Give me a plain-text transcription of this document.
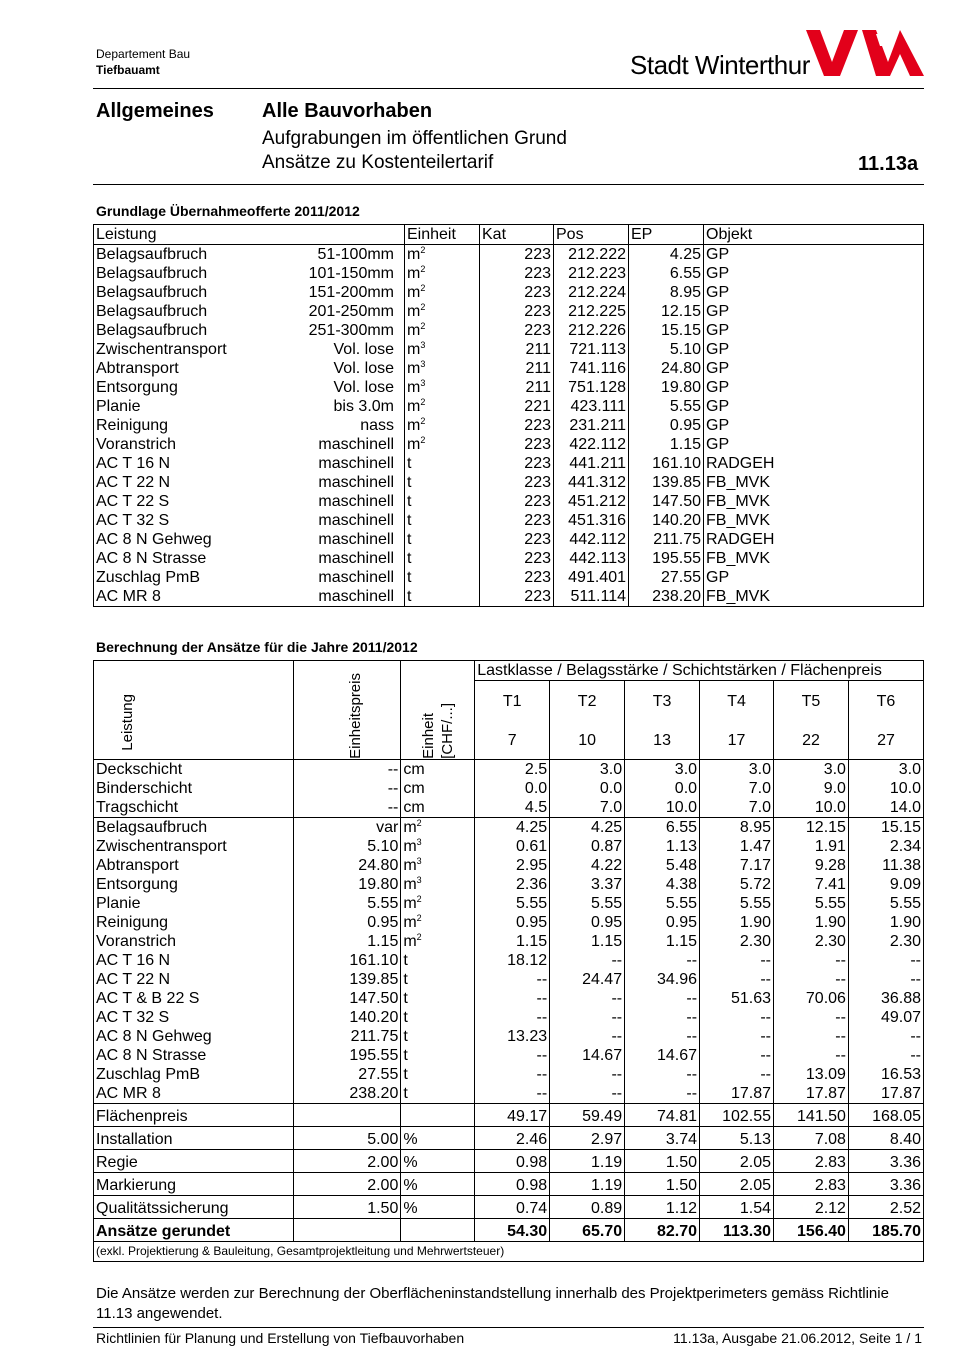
Departement Bau
Tiefbauamt	Stadt Winterthur
Allgemeines Alle Bauvorhaben
Aufgrabungen im öffentlichen Grund
Ansätze zu Kostenteilertarif	11.13a
Grundlage Übernahmeofferte 2011/2012
Leistung	Einheit	Kat	Pos	EP	Objekt
Belagsaufbruch 51-100mm	$m^2$	223	212.222	4.25	GP
Belagsaufbruch 101-150mm	$m^2$	223	212.223	6.55	GP
Belagsaufbruch 151-200mm	$m^2$	223	212.224	8.95	GP
Belagsaufbruch 201-250mm	$m^2$	223	212.225	12.15	GP
Belagsaufbruch 251-300mm	$m^2$	223	212.226	15.15	GP
Zwischentransport Vol. lose	$m^3$	211	721.113	5.10	GP
Abtransport Vol. lose	$m^3$	211	741.116	24.80	GP
Entsorgung Vol. lose	$m^3$	211	751.128	19.80	GP
Planie bis 3.0m	$m^2$	221	423.111	5.55	GP
Reinigung nass	$m^2$	223	231.211	0.95	GP
Voranstrich maschinell	$m^2$	223	422.112	1.15	GP
AC T 16 N maschinell	t	223	441.211	161.10	RADGEH
AC T 22 N maschinell	t	223	441.312	139.85	FB_MVK
AC T 22 S maschinell	t	223	451.212	147.50	FB_MVK
AC T 32 S maschinell	t	223	451.316	140.20	FB_MVK
AC 8 N Gehweg maschinell	t	223	442.112	211.75	RADGEH
AC 8 N Strasse maschinell	t	223	442.113	195.55	FB_MVK
Zuschlag PmB maschinell	t	223	491.401	27.55	GP
AC MR 8 maschinell	t	223	511.114	238.20	FB_MVK
Berechnung der Ansätze für die Jahre 2011/2012
Leistung	Einheitspreis	Einheit [CHF/...]	Lastklasse / Belagsstärke / Schichtstärken / Flächenpreis					
			T1	T2	T3	T4	T5	T6
			7	10	13	17	22	27
Deckschicht	--	cm	2.5	3.0	3.0	3.0	3.0	3.0
Binderschicht	--	cm	0.0	0.0	0.0	7.0	9.0	10.0
Tragschicht	--	cm	4.5	7.0	10.0	7.0	10.0	14.0
Belagsaufbruch	var	$m^2$	4.25	4.25	6.55	8.95	12.15	15.15
Zwischentransport	5.10	$m^3$	0.61	0.87	1.13	1.47	1.91	2.34
Abtransport	24.80	$m^3$	2.95	4.22	5.48	7.17	9.28	11.38
Entsorgung	19.80	$m^3$	2.36	3.37	4.38	5.72	7.41	9.09
Planie	5.55	$m^2$	5.55	5.55	5.55	5.55	5.55	5.55
Reinigung	0.95	$m^2$	0.95	0.95	0.95	1.90	1.90	1.90
Voranstrich	1.15	$m^2$	1.15	1.15	1.15	2.30	2.30	2.30
AC T 16 N	161.10	t	18.12	--	--	--	--	--
AC T 22 N	139.85	t	--	24.47	34.96	--	--	--
AC T & B 22 S	147.50	t	--	--	--	51.63	70.06	36.88
AC T 32 S	140.20	t	--	--	--	--	--	49.07
AC 8 N Gehweg	211.75	t	13.23	--	--	--	--	--
AC 8 N Strasse	195.55	t	--	14.67	14.67	--	--	--
Zuschlag PmB	27.55	t	--	--	--	--	13.09	16.53
AC MR 8	238.20	t	--	--	--	17.87	17.87	17.87
Flächenpreis			49.17	59.49	74.81	102.55	141.50	168.05
Installation	5.00	%	2.46	2.97	3.74	5.13	7.08	8.40
Regie	2.00	%	0.98	1.19	1.50	2.05	2.83	3.36
Markierung	2.00	%	0.98	1.19	1.50	2.05	2.83	3.36
Qualitätssicherung	1.50	%	0.74	0.89	1.12	1.54	2.12	2.52
Ansätze gerundet			54.30	65.70	82.70	113.30	156.40	185.70
(exkl. Projektierung & Bauleitung, Gesamtprojektleitung und Mehrwertsteuer)								
Die Ansätze werden zur Berechnung der Oberflächeninstandstellung innerhalb des Projektperimeters gemäss Richtlinie 11.13 angewendet.
Richtlinien für Planung und Erstellung von Tiefbauvorhaben	11.13a, Ausgabe 21.06.2012, Seite 1 / 1
